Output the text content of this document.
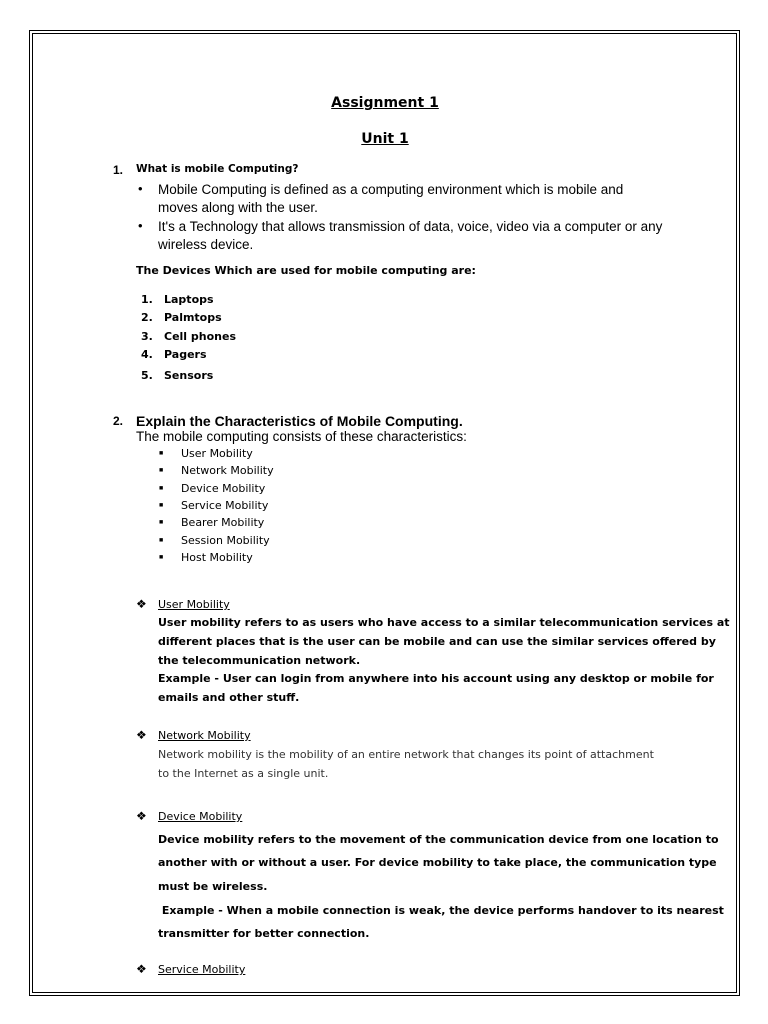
Assignment 1
Unit 1
1. What is mobile Computing?
• Mobile Computing is defined as a computing environment which is mobile and
moves along with the user.
• It's a Technology that allows transmission of data, voice, video via a computer or any
wireless device.
The Devices Which are used for mobile computing are:
1. Laptops
2. Palmtops
3. Cell phones
4. Pagers
5. Sensors
2. Explain the Characteristics of Mobile Computing.
The mobile computing consists of these characteristics:
■ User Mobility
■ Network Mobility
■ Device Mobility
■ Service Mobility
■ Bearer Mobility
■ Session Mobility
■ Host Mobility
❖ User Mobility
User mobility refers to as users who have access to a similar telecommunication services at
different places that is the user can be mobile and can use the similar services offered by
the telecommunication network.
Example - User can login from anywhere into his account using any desktop or mobile for
emails and other stuff.
❖ Network Mobility
Network mobility is the mobility of an entire network that changes its point of attachment
to the Internet as a single unit.
❖ Device Mobility
Device mobility refers to the movement of the communication device from one location to
another with or without a user. For device mobility to take place, the communication type
must be wireless.
Example - When a mobile connection is weak, the device performs handover to its nearest
transmitter for better connection.
❖ Service Mobility
